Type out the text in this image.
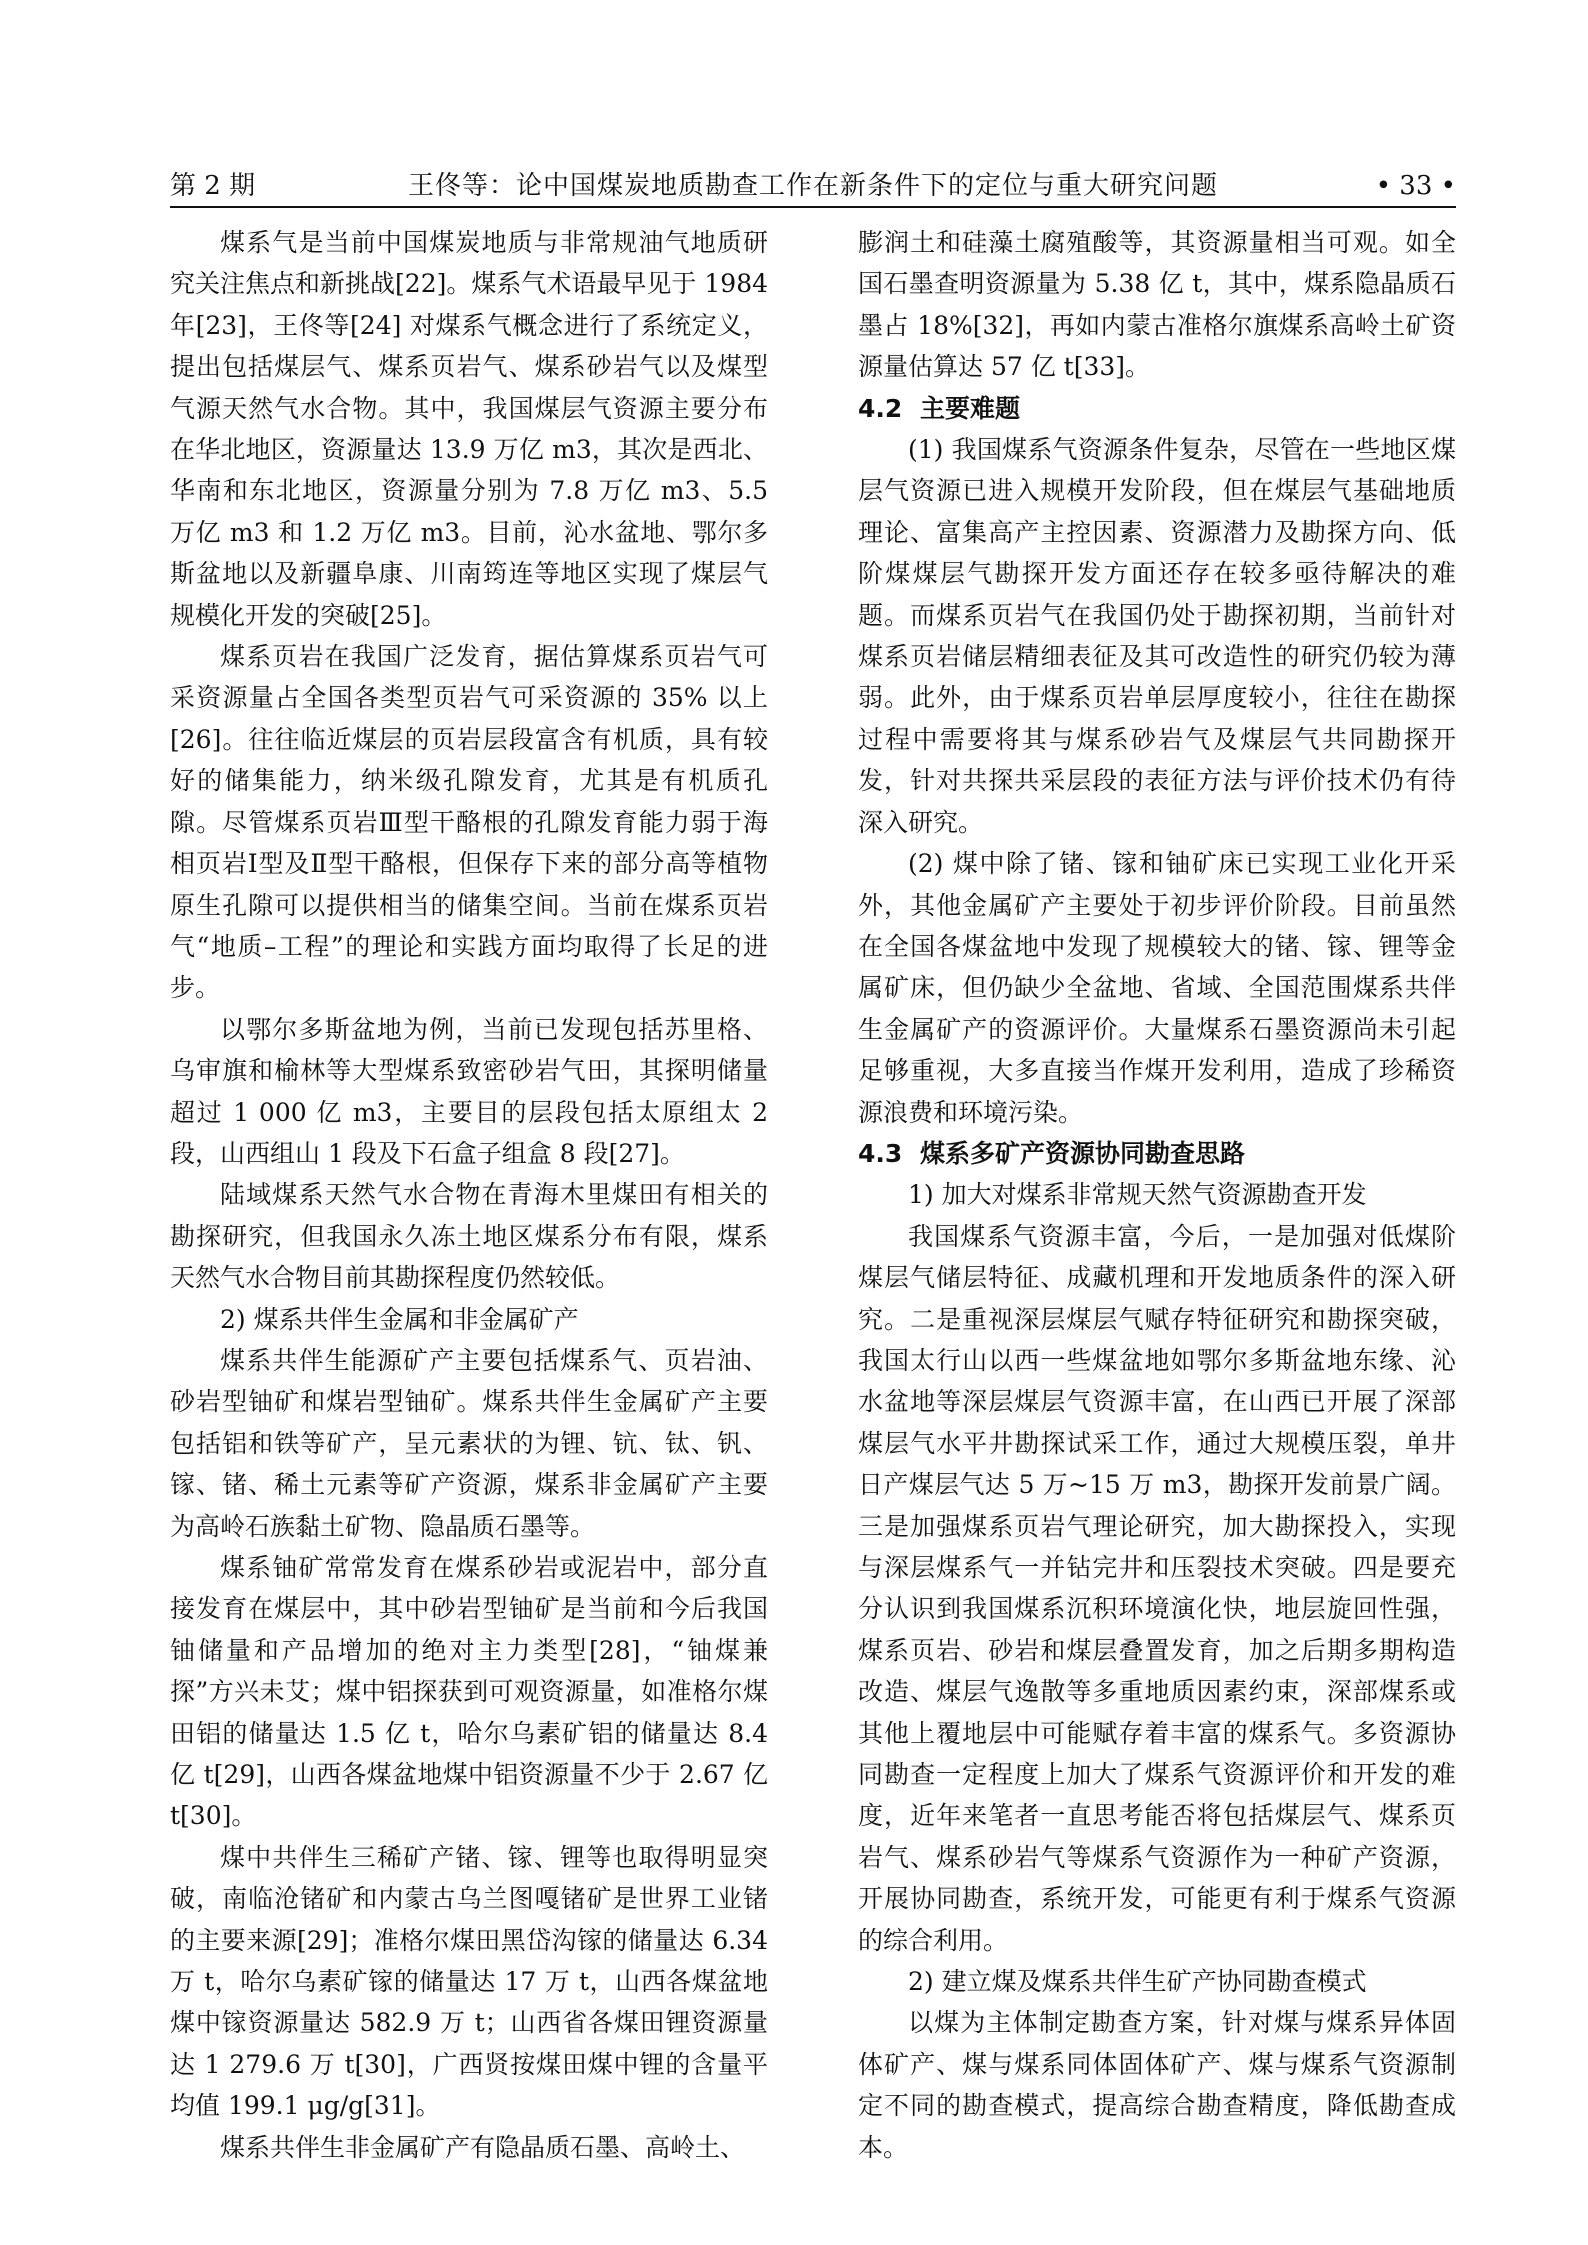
第 2 期	王佟等：论中国煤炭地质勘查工作在新条件下的定位与重大研究问题	• 33 •

煤系气是当前中国煤炭地质与非常规油气地质研究关注焦点和新挑战[22]。煤系气术语最早见于 1984 年[23]，王佟等[24] 对煤系气概念进行了系统定义，提出包括煤层气、煤系页岩气、煤系砂岩气以及煤型气源天然气水合物。其中，我国煤层气资源主要分布在华北地区，资源量达 13.9 万亿 m3，其次是西北、华南和东北地区，资源量分别为 7.8 万亿 m3、5.5 万亿 m3 和 1.2 万亿 m3。目前，沁水盆地、鄂尔多斯盆地以及新疆阜康、川南筠连等地区实现了煤层气规模化开发的突破[25]。

煤系页岩在我国广泛发育，据估算煤系页岩气可采资源量占全国各类型页岩气可采资源的 35% 以上[26]。往往临近煤层的页岩层段富含有机质，具有较好的储集能力，纳米级孔隙发育，尤其是有机质孔隙。尽管煤系页岩Ⅲ型干酪根的孔隙发育能力弱于海相页岩Ⅰ型及Ⅱ型干酪根，但保存下来的部分高等植物原生孔隙可以提供相当的储集空间。当前在煤系页岩气“地质–工程”的理论和实践方面均取得了长足的进步。

以鄂尔多斯盆地为例，当前已发现包括苏里格、乌审旗和榆林等大型煤系致密砂岩气田，其探明储量超过 1 000 亿 m3，主要目的层段包括太原组太 2 段，山西组山 1 段及下石盒子组盒 8 段[27]。

陆域煤系天然气水合物在青海木里煤田有相关的勘探研究，但我国永久冻土地区煤系分布有限，煤系天然气水合物目前其勘探程度仍然较低。

2) 煤系共伴生金属和非金属矿产

煤系共伴生能源矿产主要包括煤系气、页岩油、砂岩型铀矿和煤岩型铀矿。煤系共伴生金属矿产主要包括铝和铁等矿产，呈元素状的为锂、钪、钛、钒、镓、锗、稀土元素等矿产资源，煤系非金属矿产主要为高岭石族黏土矿物、隐晶质石墨等。

煤系铀矿常常发育在煤系砂岩或泥岩中，部分直接发育在煤层中，其中砂岩型铀矿是当前和今后我国铀储量和产品增加的绝对主力类型[28]，“铀煤兼探”方兴未艾；煤中铝探获到可观资源量，如准格尔煤田铝的储量达 1.5 亿 t，哈尔乌素矿铝的储量达 8.4 亿 t[29]，山西各煤盆地煤中铝资源量不少于 2.67 亿 t[30]。

煤中共伴生三稀矿产锗、镓、锂等也取得明显突破，南临沧锗矿和内蒙古乌兰图嘎锗矿是世界工业锗的主要来源[29]；准格尔煤田黑岱沟镓的储量达 6.34 万 t，哈尔乌素矿镓的储量达 17 万 t，山西各煤盆地煤中镓资源量达 582.9 万 t；山西省各煤田锂资源量达 1 279.6 万 t[30]，广西贤按煤田煤中锂的含量平均值 199.1 μg/g[31]。

煤系共伴生非金属矿产有隐晶质石墨、高岭土、

膨润土和硅藻土腐殖酸等，其资源量相当可观。如全国石墨查明资源量为 5.38 亿 t，其中，煤系隐晶质石墨占 18%[32]，再如内蒙古准格尔旗煤系高岭土矿资源量估算达 57 亿 t[33]。

4.2 主要难题

(1) 我国煤系气资源条件复杂，尽管在一些地区煤层气资源已进入规模开发阶段，但在煤层气基础地质理论、富集高产主控因素、资源潜力及勘探方向、低阶煤煤层气勘探开发方面还存在较多亟待解决的难题。而煤系页岩气在我国仍处于勘探初期，当前针对煤系页岩储层精细表征及其可改造性的研究仍较为薄弱。此外，由于煤系页岩单层厚度较小，往往在勘探过程中需要将其与煤系砂岩气及煤层气共同勘探开发，针对共探共采层段的表征方法与评价技术仍有待深入研究。

(2) 煤中除了锗、镓和铀矿床已实现工业化开采外，其他金属矿产主要处于初步评价阶段。目前虽然在全国各煤盆地中发现了规模较大的锗、镓、锂等金属矿床，但仍缺少全盆地、省域、全国范围煤系共伴生金属矿产的资源评价。大量煤系石墨资源尚未引起足够重视，大多直接当作煤开发利用，造成了珍稀资源浪费和环境污染。

4.3 煤系多矿产资源协同勘查思路

1) 加大对煤系非常规天然气资源勘查开发

我国煤系气资源丰富，今后，一是加强对低煤阶煤层气储层特征、成藏机理和开发地质条件的深入研究。二是重视深层煤层气赋存特征研究和勘探突破，我国太行山以西一些煤盆地如鄂尔多斯盆地东缘、沁水盆地等深层煤层气资源丰富，在山西已开展了深部煤层气水平井勘探试采工作，通过大规模压裂，单井日产煤层气达 5 万~15 万 m3，勘探开发前景广阔。三是加强煤系页岩气理论研究，加大勘探投入，实现与深层煤系气一并钻完井和压裂技术突破。四是要充分认识到我国煤系沉积环境演化快，地层旋回性强，煤系页岩、砂岩和煤层叠置发育，加之后期多期构造改造、煤层气逸散等多重地质因素约束，深部煤系或其他上覆地层中可能赋存着丰富的煤系气。多资源协同勘查一定程度上加大了煤系气资源评价和开发的难度，近年来笔者一直思考能否将包括煤层气、煤系页岩气、煤系砂岩气等煤系气资源作为一种矿产资源，开展协同勘查，系统开发，可能更有利于煤系气资源的综合利用。

2) 建立煤及煤系共伴生矿产协同勘查模式

以煤为主体制定勘查方案，针对煤与煤系异体固体矿产、煤与煤系同体固体矿产、煤与煤系气资源制定不同的勘查模式，提高综合勘查精度，降低勘查成本。
